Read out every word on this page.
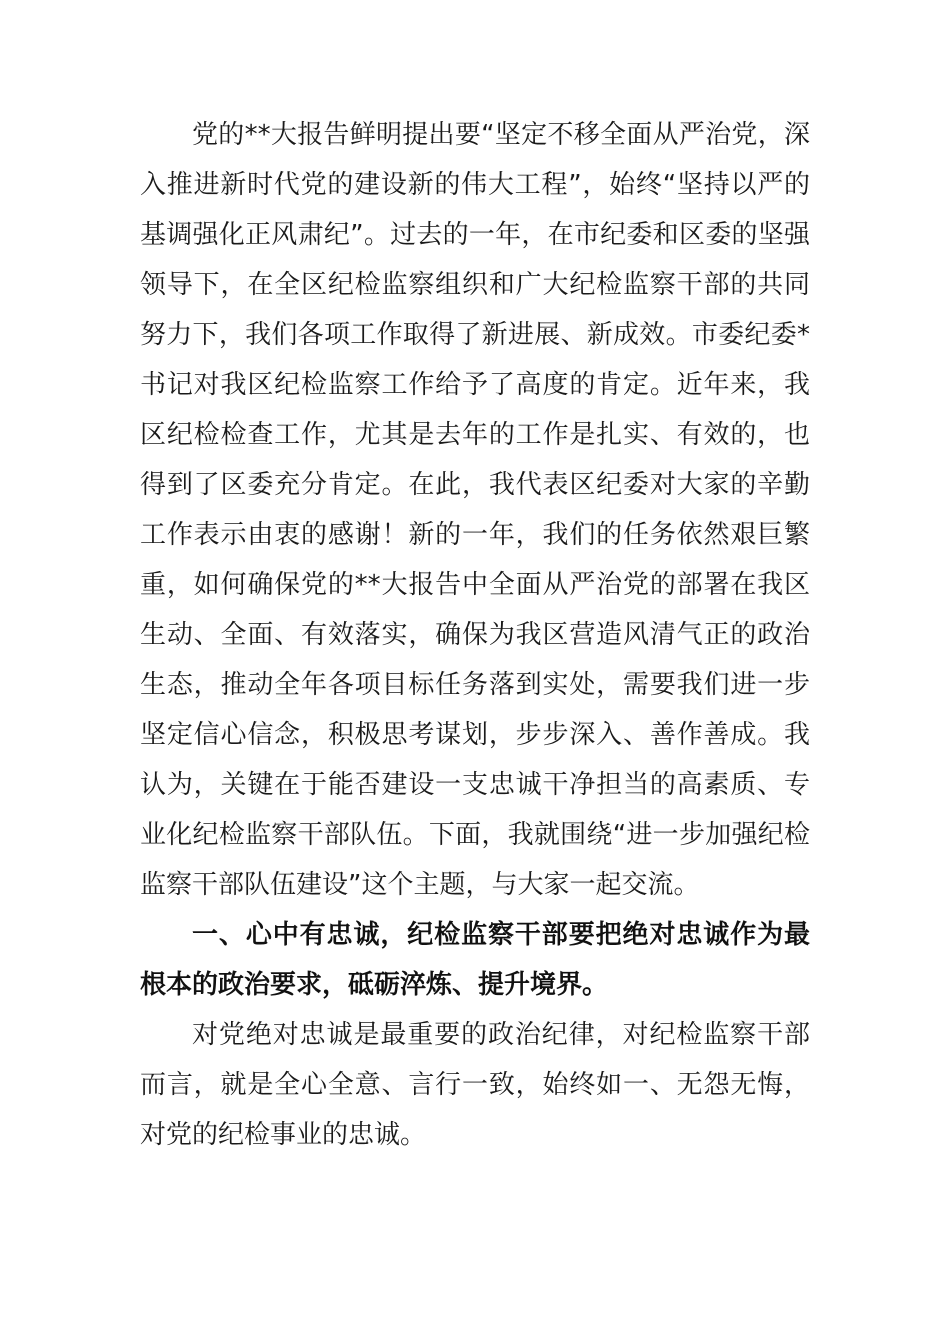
党的**大报告鲜明提出要“坚定不移全面从严治党，深入推进新时代党的建设新的伟大工程”，始终“坚持以严的基调强化正风肃纪”。过去的一年，在市纪委和区委的坚强领导下，在全区纪检监察组织和广大纪检监察干部的共同努力下，我们各项工作取得了新进展、新成效。市委纪委*书记对我区纪检监察工作给予了高度的肯定。近年来，我区纪检检查工作，尤其是去年的工作是扎实、有效的，也得到了区委充分肯定。在此，我代表区纪委对大家的辛勤工作表示由衷的感谢！新的一年，我们的任务依然艰巨繁重，如何确保党的**大报告中全面从严治党的部署在我区生动、全面、有效落实，确保为我区营造风清气正的政治生态，推动全年各项目标任务落到实处，需要我们进一步坚定信心信念，积极思考谋划，步步深入、善作善成。我认为，关键在于能否建设一支忠诚干净担当的高素质、专业化纪检监察干部队伍。下面，我就围绕“进一步加强纪检监察干部队伍建设”这个主题，与大家一起交流。

一、心中有忠诚，纪检监察干部要把绝对忠诚作为最根本的政治要求，砥砺淬炼、提升境界。

对党绝对忠诚是最重要的政治纪律，对纪检监察干部而言，就是全心全意、言行一致，始终如一、无怨无悔，对党的纪检事业的忠诚。
